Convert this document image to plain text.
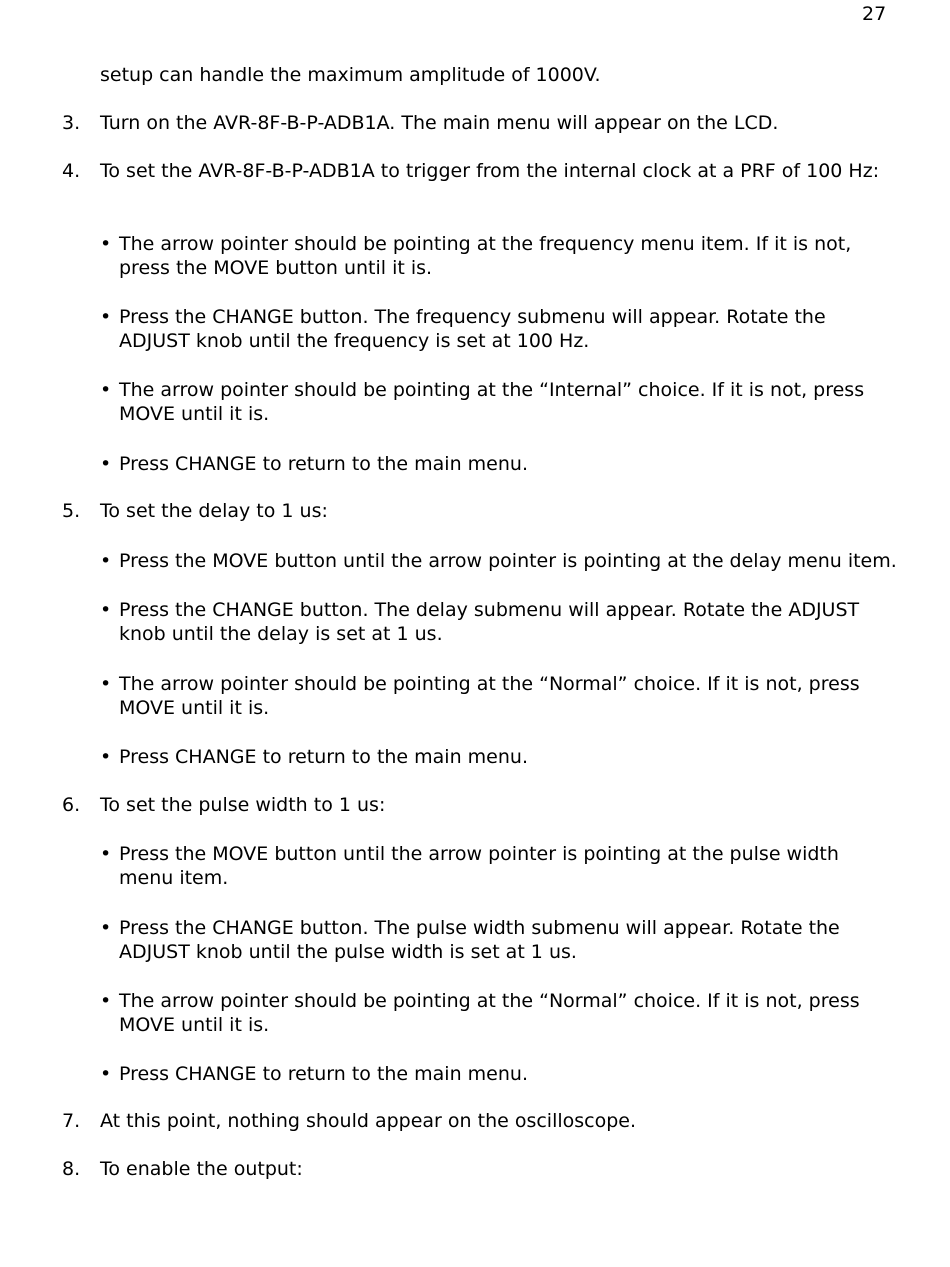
27
setup can handle the maximum amplitude of 1000V.
3.	Turn on the AVR-8F-B-P-ADB1A. The main menu will appear on the LCD.
4.	To set the AVR-8F-B-P-ADB1A to trigger from the internal clock at a PRF of 100 Hz:
• The arrow pointer should be pointing at the frequency menu item. If it is not, press the MOVE button until it is.
• Press the CHANGE button. The frequency submenu will appear. Rotate the ADJUST knob until the frequency is set at 100 Hz.
• The arrow pointer should be pointing at the “Internal” choice. If it is not, press MOVE until it is.
• Press CHANGE to return to the main menu.
5.	To set the delay to 1 us:
• Press the MOVE button until the arrow pointer is pointing at the delay menu item.
• Press the CHANGE button. The delay submenu will appear. Rotate the ADJUST knob until the delay is set at 1 us.
• The arrow pointer should be pointing at the “Normal” choice. If it is not, press MOVE until it is.
• Press CHANGE to return to the main menu.
6.	To set the pulse width to 1 us:
• Press the MOVE button until the arrow pointer is pointing at the pulse width menu item.
• Press the CHANGE button. The pulse width submenu will appear. Rotate the ADJUST knob until the pulse width is set at 1 us.
• The arrow pointer should be pointing at the “Normal” choice. If it is not, press MOVE until it is.
• Press CHANGE to return to the main menu.
7.	At this point, nothing should appear on the oscilloscope.
8.	To enable the output:
